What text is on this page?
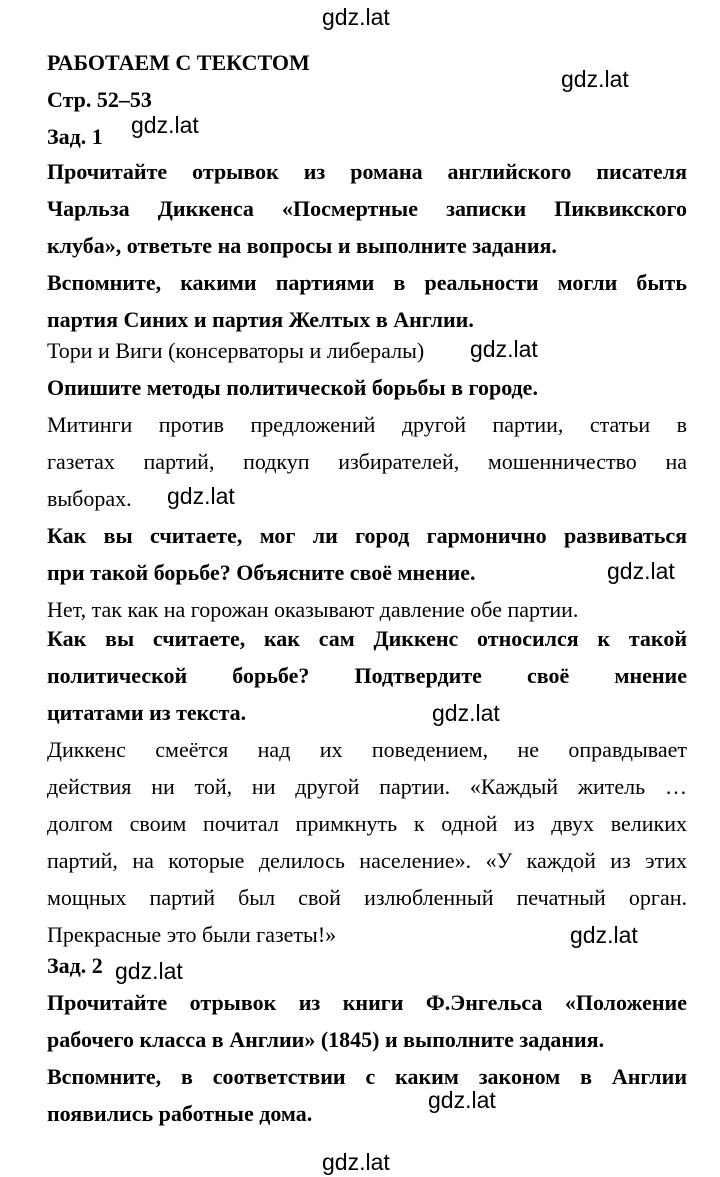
gdz.lat
gdz.lat
gdz.lat
gdz.lat
gdz.lat
gdz.lat
gdz.lat
gdz.lat
gdz.lat
gdz.lat
gdz.lat

РАБОТАЕМ С ТЕКСТОМ

Стр. 52–53

Зад. 1

Прочитайте отрывок из романа английского писателя

Чарльза Диккенса «Посмертные записки Пиквикского

клуба», ответьте на вопросы и выполните задания.

Вспомните, какими партиями в реальности могли быть

партия Синих и партия Желтых в Англии.

Тори и Виги (консерваторы и либералы)

Опишите методы политической борьбы в городе.

Митинги против предложений другой партии, статьи в

газетах партий, подкуп избирателей, мошенничество на

выборах.

Как вы считаете, мог ли город гармонично развиваться

при такой борьбе? Объясните своё мнение.

Нет, так как на горожан оказывают давление обе партии.

Как вы считаете, как сам Диккенс относился к такой

политической борьбе? Подтвердите своё мнение

цитатами из текста.

Диккенс смеётся над их поведением, не оправдывает

действия ни той, ни другой партии. «Каждый житель …

долгом своим почитал примкнуть к одной из двух великих

партий, на которые делилось население». «У каждой из этих

мощных партий был свой излюбленный печатный орган.

Прекрасные это были газеты!»

Зад. 2

Прочитайте отрывок из книги Ф.Энгельса «Положение

рабочего класса в Англии» (1845) и выполните задания.

Вспомните, в соответствии с каким законом в Англии

появились работные дома.
